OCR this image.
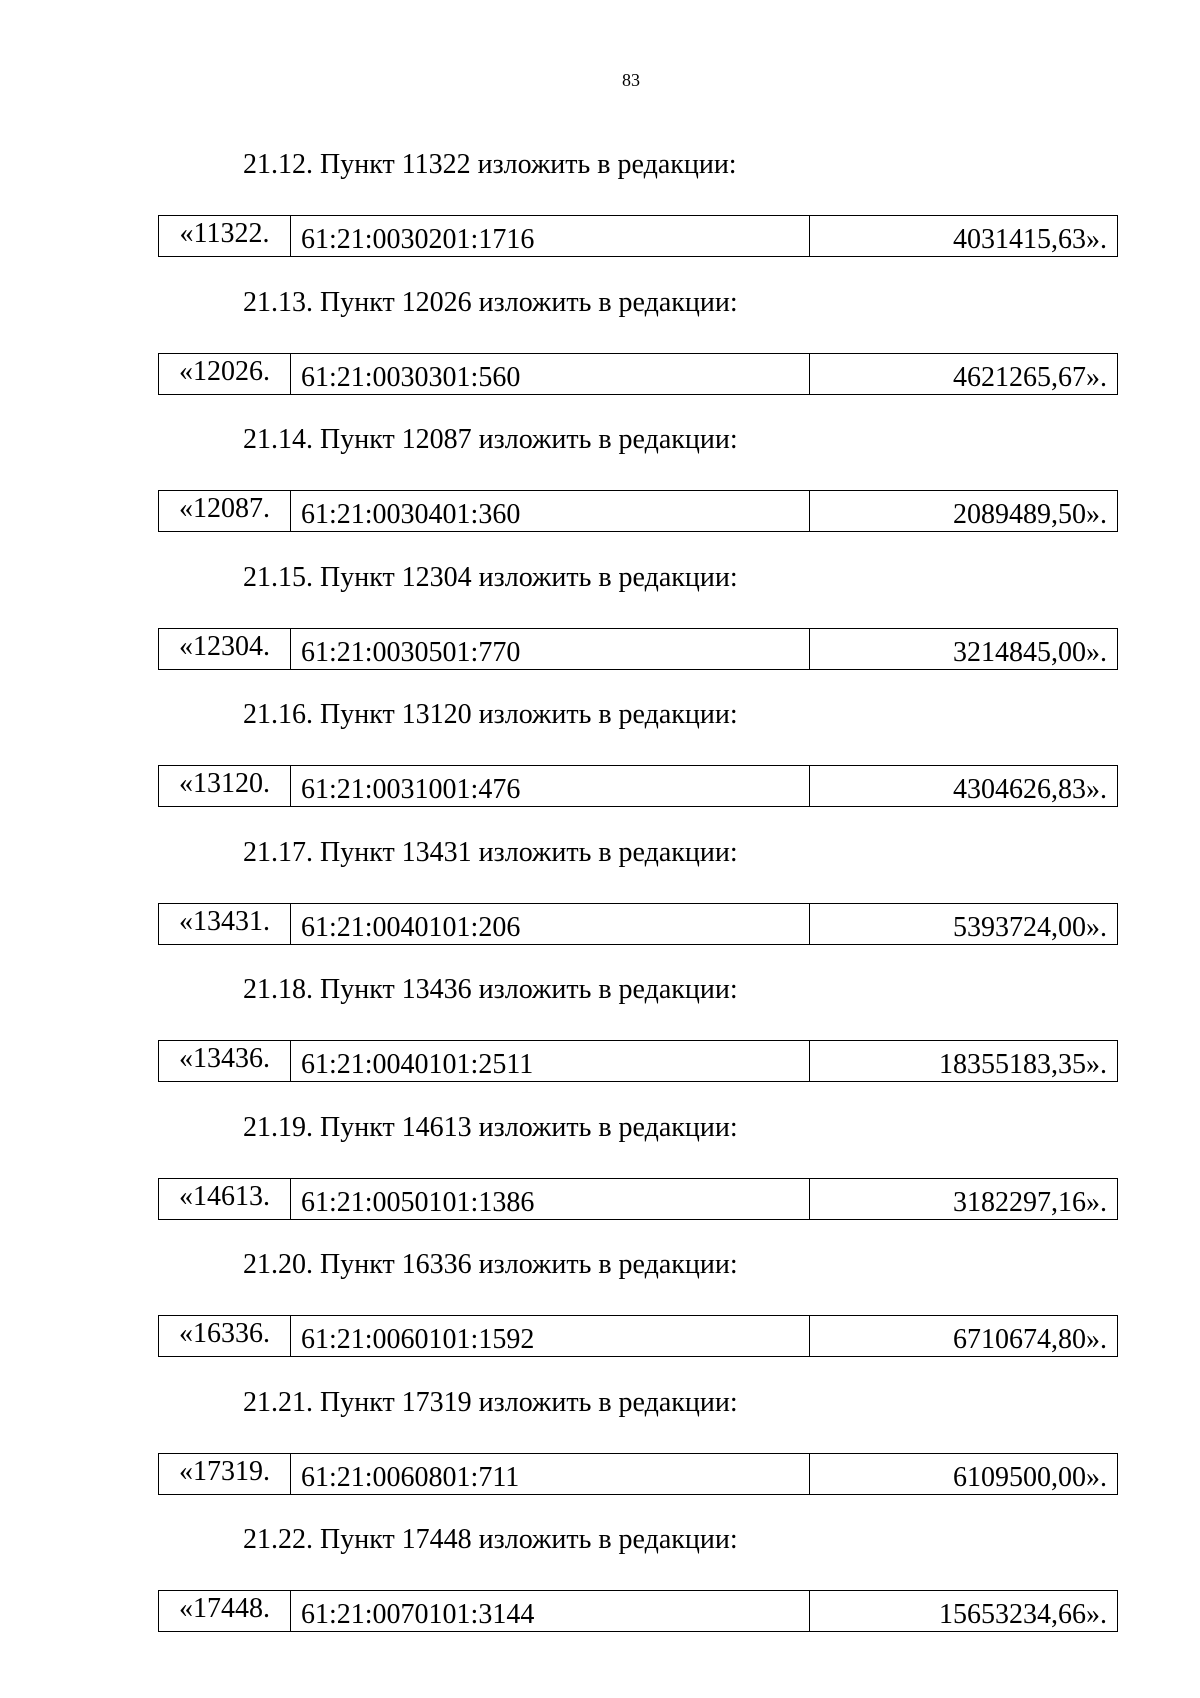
83
21.12. Пункт 11322 изложить в редакции:
«11322.	61:21:0030201:1716	4031415,63».
21.13. Пункт 12026 изложить в редакции:
«12026.	61:21:0030301:560	4621265,67».
21.14. Пункт 12087 изложить в редакции:
«12087.	61:21:0030401:360	2089489,50».
21.15. Пункт 12304 изложить в редакции:
«12304.	61:21:0030501:770	3214845,00».
21.16. Пункт 13120 изложить в редакции:
«13120.	61:21:0031001:476	4304626,83».
21.17. Пункт 13431 изложить в редакции:
«13431.	61:21:0040101:206	5393724,00».
21.18. Пункт 13436 изложить в редакции:
«13436.	61:21:0040101:2511	18355183,35».
21.19. Пункт 14613 изложить в редакции:
«14613.	61:21:0050101:1386	3182297,16».
21.20. Пункт 16336 изложить в редакции:
«16336.	61:21:0060101:1592	6710674,80».
21.21. Пункт 17319 изложить в редакции:
«17319.	61:21:0060801:711	6109500,00».
21.22. Пункт 17448 изложить в редакции:
«17448.	61:21:0070101:3144	15653234,66».
